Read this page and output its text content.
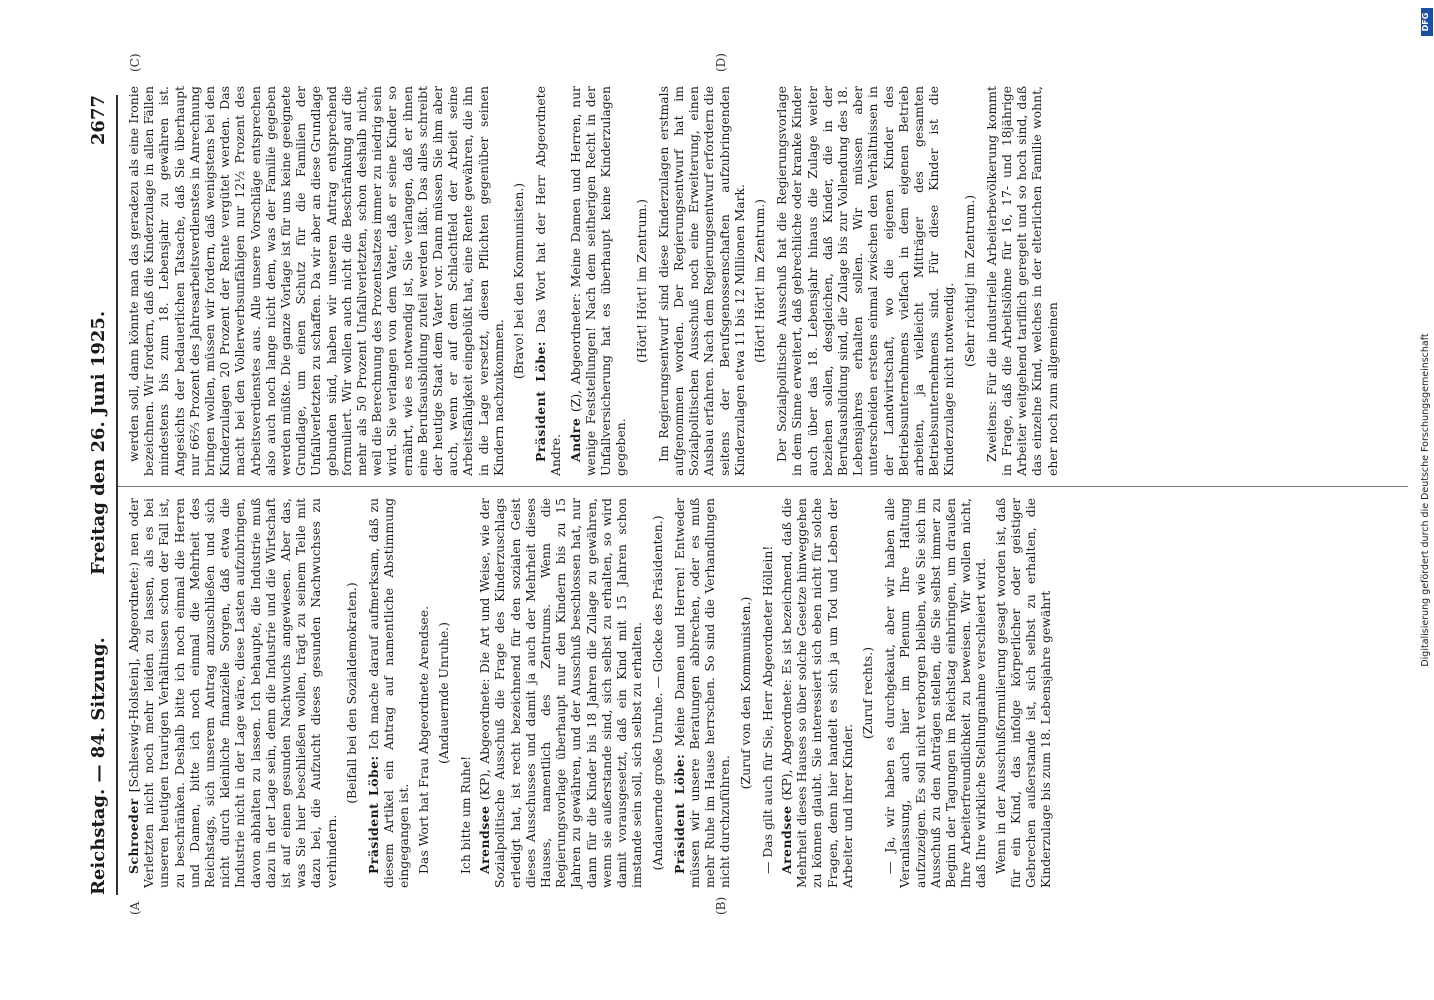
Reichstag. — 84. Sitzung.
Freitag den 26. Juni 1925.
2677
(A	(B)
(C)	(D)

Schroeder [Schleswig-Holstein], Abgeordnete:) nen oder Verletzten nicht noch mehr leiden zu lassen, als es bei unseren heutigen traurigen Verhältnissen schon der Fall ist, zu beschränken. Deshalb bitte ich noch einmal die Herren und Damen, bitte ich noch einmal die Mehrheit des Reichstags, sich unserem Antrag anzuschließen und sich nicht durch kleinliche finanzielle Sorgen, daß etwa die Industrie nicht in der Lage wäre, diese Lasten aufzubringen, davon abhalten zu lassen. Ich behaupte, die Industrie muß dazu in der Lage sein, denn die Industrie und die Wirtschaft ist auf einen gesunden Nachwuchs angewiesen. Aber das, was Sie hier beschließen wollen, trägt zu seinem Teile mit dazu bei, die Aufzucht dieses gesunden Nachwuchses zu verhindern.

(Beifall bei den Sozialdemokraten.)

Präsident Löbe: Ich mache darauf aufmerksam, daß zu diesem Artikel ein Antrag auf namentliche Abstimmung eingegangen ist. Das Wort hat Frau Abgeordnete Arendsee. (Andauernde Unruhe.)

Ich bitte um Ruhe! Arendsee (KP), Abgeordnete: Die Art und Weise, wie der Sozialpolitische Ausschuß die Frage des Kinderzuschlags erledigt hat, ist recht bezeichnend für den sozialen Geist dieses Ausschusses und damit ja auch der Mehrheit dieses Hauses, namentlich des Zentrums. Wenn die Regierungsvorlage überhaupt nur den Kindern bis zu 15 Jahren zu gewähren, und der Ausschuß beschlossen hat, nur dann für die Kinder bis 18 Jahren die Zulage zu gewähren, wenn sie außerstande sind, sich selbst zu erhalten, so wird damit vorausgesetzt, daß ein Kind mit 15 Jahren schon imstande sein soll, sich selbst zu erhalten. (Andauernde große Unruhe. — Glocke des Präsidenten.) Präsident Löbe: Meine Damen und Herren! Entweder müssen wir unsere Beratungen abbrechen, oder es muß mehr Ruhe im Hause herrschen. So sind die Verhandlungen nicht durchzuführen.

(Zuruf von den Kommunisten.) — Das gilt auch für Sie, Herr Abgeordneter Höllein! Arendsee (KP), Abgeordnete: Es ist bezeichnend, daß die Mehrheit dieses Hauses so über solche Gesetze hinweggehen zu können glaubt. Sie interessiert sich eben nicht für solche Fragen, denn hier handelt es sich ja um Tod und Leben der Arbeiter und ihrer Kinder.

(Zuruf rechts.) — Ja, wir haben es durchgekaut, aber wir haben alle Veranlassung, auch hier im Plenum Ihre Haltung aufzuzeigen. Es soll nicht verborgen bleiben, wie Sie sich im Ausschuß zu den Anträgen stellen, die Sie selbst immer zu Beginn der Tagungen im Reichstag einbringen, um draußen Ihre Arbeiterfreundlichkeit zu beweisen. Wir wollen nicht, daß Ihre wirkliche Stellungnahme verschleiert wird. Wenn in der Ausschußformulierung gesagt worden ist, daß für ein Kind, das infolge körperlicher oder geistiger Gebrechen außerstande ist, sich selbst zu erhalten, die Kinderzulage bis zum 18. Lebensjahre gewährt

werden soll, dann könnte man das geradezu als eine Ironie bezeichnen. Wir fordern, daß die Kinderzulage in allen Fällen mindestens bis zum 18. Lebensjahr zu gewähren ist. Angesichts der bedauerlichen Tatsache, daß Sie überhaupt nur 66⅔ Prozent des Jahresarbeitsverdienstes in Anrechnung bringen wollen, müssen wir fordern, daß wenigstens bei den Kinderzulagen 20 Prozent der Rente vergütet werden. Das macht bei den Vollerwerbsunfähigen nur 12½ Prozent des Arbeitsverdienstes aus. Alle unsere Vorschläge entsprechen also auch noch lange nicht dem, was der Familie gegeben werden müßte. Die ganze Vorlage ist für uns keine geeignete Grundlage, um einen Schutz für die Familien der Unfallverletzten zu schaffen. Da wir aber an diese Grundlage gebunden sind, haben wir unseren Antrag entsprechend formuliert. Wir wollen auch nicht die Beschränkung auf die mehr als 50 Prozent Unfallverletzten, schon deshalb nicht, weil die Berechnung des Prozentsatzes immer zu niedrig sein wird. Sie verlangen von dem Vater, daß er seine Kinder so ernährt, wie es notwendig ist, Sie verlangen, daß er ihnen eine Berufsausbildung zuteil werden läßt. Das alles schreibt der heutige Staat dem Vater vor. Dann müssen Sie ihm aber auch, wenn er auf dem Schlachtfeld der Arbeit seine Arbeitsfähigkeit eingebüßt hat, eine Rente gewähren, die ihn in die Lage versetzt, diesen Pflichten gegenüber seinen Kindern nachzukommen.

(Bravo! bei den Kommunisten.)

Präsident Löbe: Das Wort hat der Herr Abgeordnete Andre. Andre (Z), Abgeordneter: Meine Damen und Herren, nur wenige Feststellungen! Nach dem seitherigen Recht in der Unfallversicherung hat es überhaupt keine Kinderzulagen gegeben.

(Hört! Hört! im Zentrum.) Im Regierungsentwurf sind diese Kinderzulagen erstmals aufgenommen worden. Der Regierungsentwurf hat im Sozialpolitischen Ausschuß noch eine Erweiterung, einen Ausbau erfahren. Nach dem Regierungsentwurf erfordern die seitens der Berufsgenossenschaften aufzubringenden Kinderzulagen etwa 11 bis 12 Millionen Mark. (Hört! Hört! im Zentrum.) Der Sozialpolitische Ausschuß hat die Regierungsvorlage in dem Sinne erweitert, daß gebrechliche oder kranke Kinder auch über das 18. Lebensjahr hinaus die Zulage weiter beziehen sollen, desgleichen, daß Kinder, die in der Berufsausbildung sind, die Zulage bis zur Vollendung des 18. Lebensjahres erhalten sollen. Wir müssen aber unterscheiden erstens einmal zwischen den Verhältnissen in der Landwirtschaft, wo die eigenen Kinder des Betriebsunternehmens vielfach in dem eigenen Betrieb arbeiten, ja vielleicht Mitträger des gesamten Betriebsunternehmens sind. Für diese Kinder ist die Kinderzulage nicht notwendig.

(Sehr richtig! im Zentrum.) Zweitens: Für die industrielle Arbeiterbevölkerung kommt in Frage, daß die Arbeitslöhne für 16, 17- und 18jährige Arbeiter weitgehend tariflich geregelt und so hoch sind, daß das einzelne Kind, welches in der elterlichen Familie wohnt, eher noch zum allgemeinen	Digitalisierung gefördert durch die Deutsche Forschungsgemeinschaft
DFG
